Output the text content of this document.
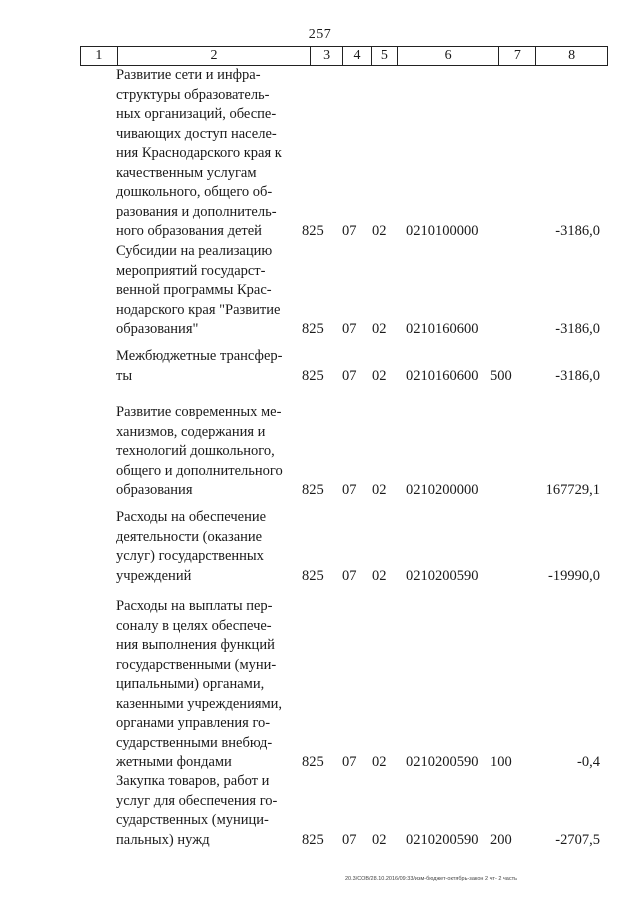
257
1	2	3	4	5	6	7	8
Развитие сети и инфра-
структуры образователь-
ных организаций, обеспе-
чивающих доступ населе-
ния Краснодарского края к
качественным услугам
дошкольного, общего об-
разования и дополнитель-
ного образования детей	825 07 02 0210100000	-3186,0
Субсидии на реализацию
мероприятий государст-
венной программы Крас-
нодарского края "Развитие
образования"	825 07 02 0210160600	-3186,0
Межбюджетные трансфер-
ты	825 07 02 0210160600 500	-3186,0
Развитие современных ме-
ханизмов, содержания и
технологий дошкольного,
общего и дополнительного
образования	825 07 02 0210200000	167729,1
Расходы на обеспечение
деятельности (оказание
услуг) государственных
учреждений	825 07 02 0210200590	-19990,0
Расходы на выплаты пер-
соналу в целях обеспече-
ния выполнения функций
государственными (муни-
ципальными) органами,
казенными учреждениями,
органами управления го-
сударственными внебюд-
жетными фондами	825 07 02 0210200590 100	-0,4
Закупка товаров, работ и
услуг для обеспечения го-
сударственных (муници-
пальных) нужд	825 07 02 0210200590 200	-2707,5
20.3/СОВ/28.10.2016/09:33/изм-бюджет-октябрь-закон 2 чт- 2 часть
